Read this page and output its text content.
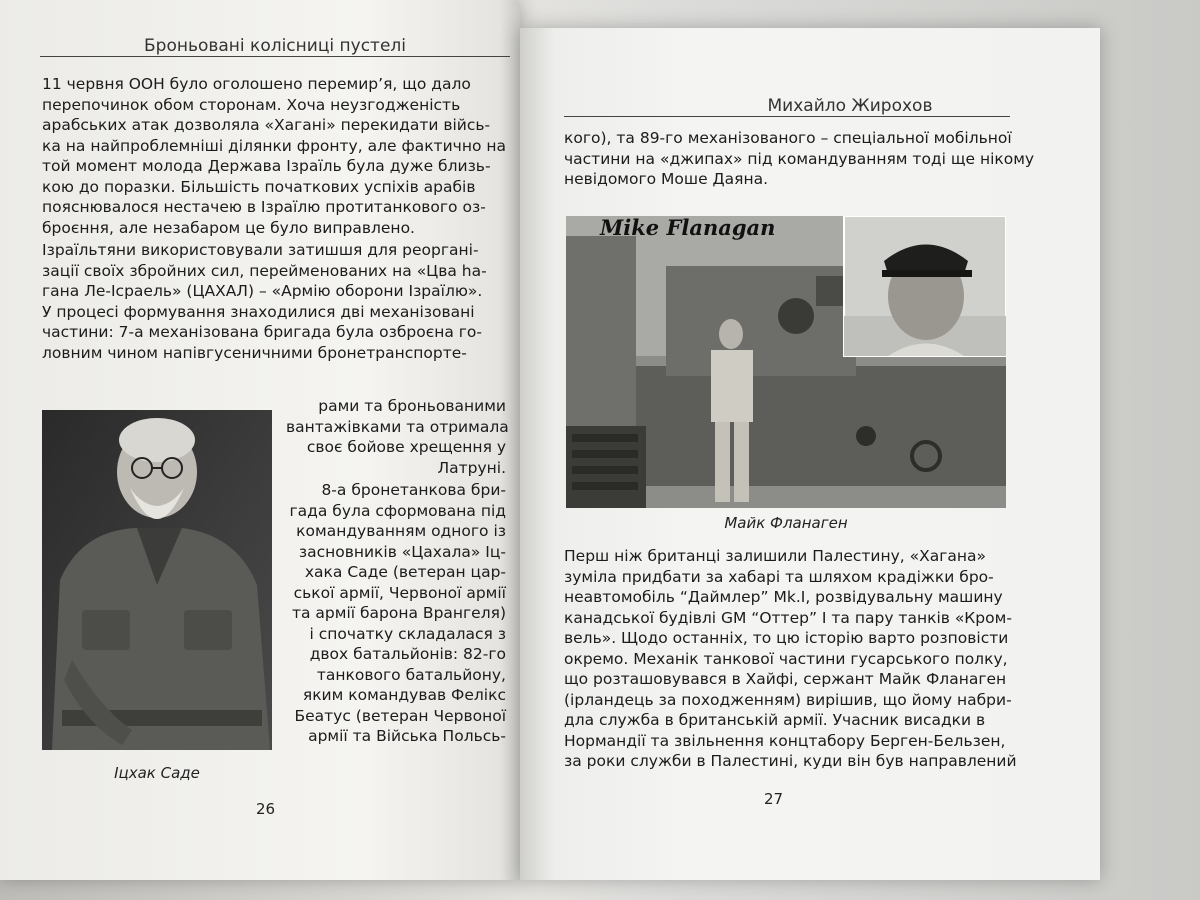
Броньовані колісниці пустелі
11 червня ООН було оголошено перемир’я, що дало
перепочинок обом сторонам. Хоча неузгодженість
арабських атак дозволяла «Хагані» перекидати війсь-
ка на найпроблемніші ділянки фронту, але фактично на
той момент молода Держава Ізраїль була дуже близь-
кою до поразки. Більшість початкових успіхів арабів
пояснювалося нестачею в Ізраїлю протитанкового оз-
броєння, але незабаром це було виправлено.
Ізраїльтяни використовували затишшя для реоргані-
зації своїх збройних сил, перейменованих на «Цва ha-
гана Ле-Ісраель» (ЦАХАЛ) – «Армію оборони Ізраїлю».
У процесі формування знаходилися дві механізовані
частини: 7-а механізована бригада була озброєна го-
ловним чином напівгусеничними бронетранспорте-
рами та броньованими
вантажівками та отримала
своє бойове хрещення у
Латруні.
8-а бронетанкова бри-
гада була сформована під
командуванням одного із
засновників «Цахала» Іц-
хака Саде (ветеран цар-
ської армії, Червоної армії
та армії барона Врангеля)
і спочатку складалася з
двох батальйонів: 82-го
танкового батальйону,
яким командував Фелікс
Беатус (ветеран Червоної
армії та Війська Польсь-
Іцхак Саде
26
Михайло Жирохов
кого), та 89-го механізованого – спеціальної мобільної
частини на «джипах» під командуванням тоді ще нікому
невідомого Моше Даяна.
Mike Flanagan
Майк Фланаген
Перш ніж британці залишили Палестину, «Хагана»
зуміла придбати за хабарі та шляхом крадіжки бро-
неавтомобіль “Даймлер” Mk.I, розвідувальну машину
канадської будівлі GM “Оттер” I та пару танків «Кром-
вель». Щодо останніх, то цю історію варто розповісти
окремо. Механік танкової частини гусарського полку,
що розташовувався в Хайфі, сержант Майк Фланаген
(ірландець за походженням) вирішив, що йому набри-
дла служба в британській армії. Учасник висадки в
Нормандії та звільнення концтабору Берген-Бельзен,
за роки служби в Палестині, куди він був направлений
27
